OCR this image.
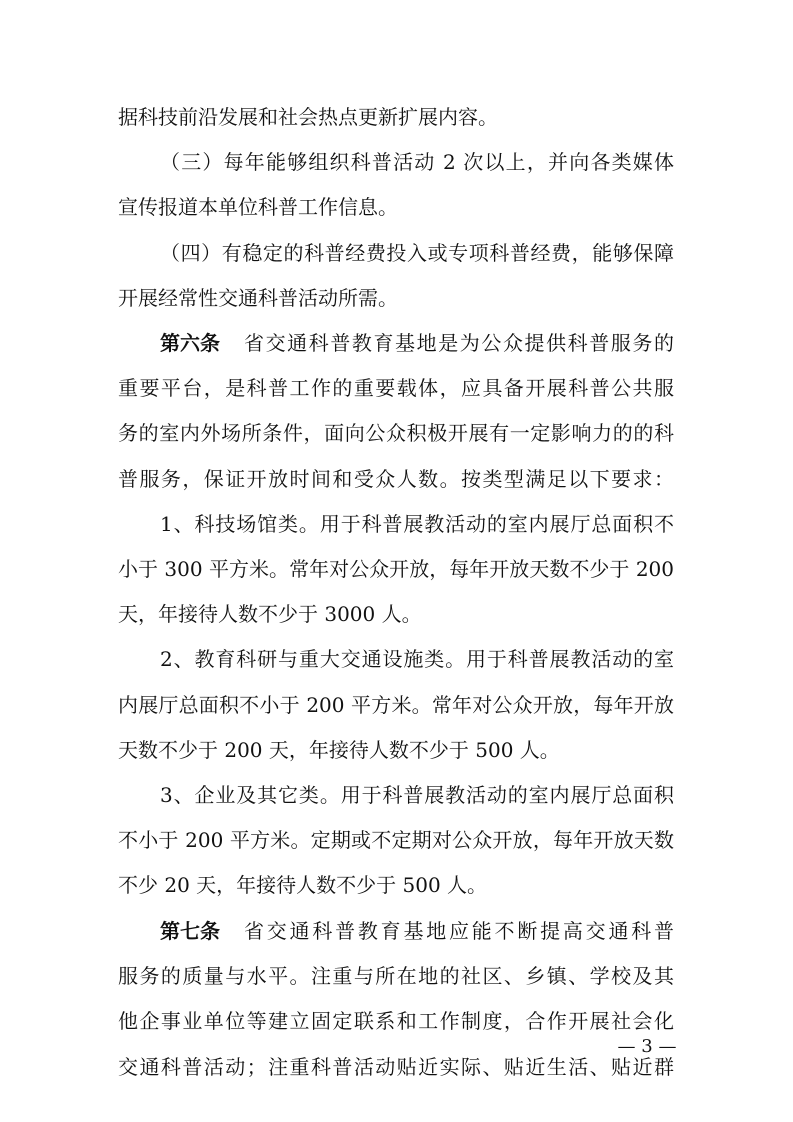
据科技前沿发展和社会热点更新扩展内容。
（三）每年能够组织科普活动 2 次以上，并向各类媒体
宣传报道本单位科普工作信息。
（四）有稳定的科普经费投入或专项科普经费，能够保障
开展经常性交通科普活动所需。
第六条 省交通科普教育基地是为公众提供科普服务的
重要平台，是科普工作的重要载体，应具备开展科普公共服
务的室内外场所条件，面向公众积极开展有一定影响力的的科
普服务，保证开放时间和受众人数。按类型满足以下要求：
1、科技场馆类。用于科普展教活动的室内展厅总面积不
小于 300 平方米。常年对公众开放，每年开放天数不少于 200
天，年接待人数不少于 3000 人。
2、教育科研与重大交通设施类。用于科普展教活动的室
内展厅总面积不小于 200 平方米。常年对公众开放，每年开放
天数不少于 200 天，年接待人数不少于 500 人。
3、企业及其它类。用于科普展教活动的室内展厅总面积
不小于 200 平方米。定期或不定期对公众开放，每年开放天数
不少 20 天，年接待人数不少于 500 人。
第七条 省交通科普教育基地应能不断提高交通科普
— 3 —
服务的质量与水平。注重与所在地的社区、乡镇、学校及其
他企事业单位等建立固定联系和工作制度，合作开展社会化
交通科普活动；注重科普活动贴近实际、贴近生活、贴近群
